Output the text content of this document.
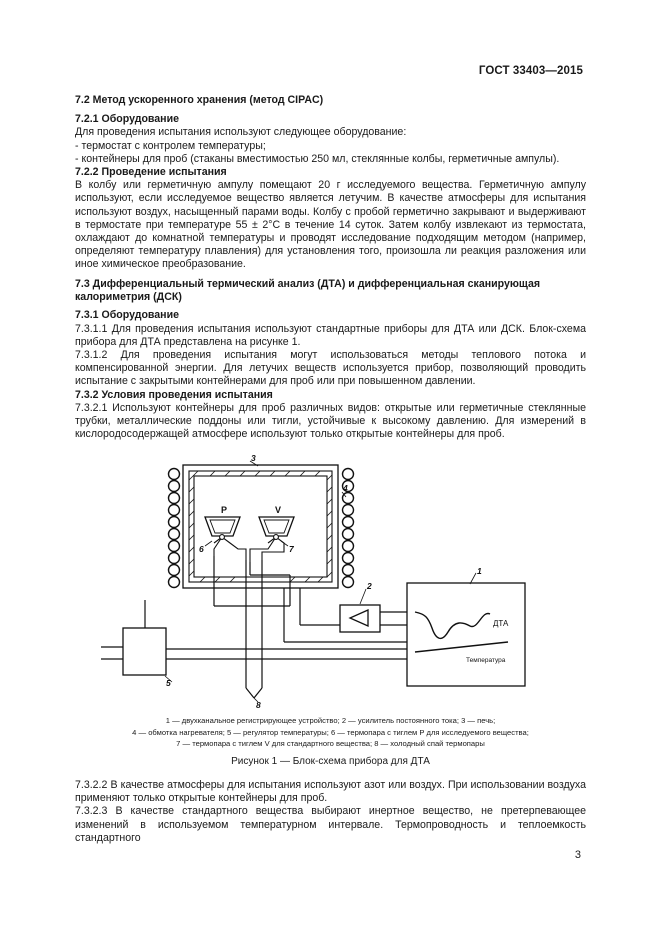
ГОСТ 33403—2015
7.2 Метод ускоренного хранения (метод CIPAC)
7.2.1 Оборудование

Для проведения испытания используют следующее оборудование:

- термостат с контролем температуры;

- контейнеры для проб (стаканы вместимостью 250 мл, стеклянные колбы, герметичные ампулы).

7.2.2 Проведение испытания

В колбу или герметичную ампулу помещают 20 г исследуемого вещества. Герметичную ампулу используют, если исследуемое вещество является летучим. В качестве атмосферы для испытания используют воздух, насыщенный парами воды. Колбу с пробой герметично закрывают и выдерживают в термостате при температуре 55 ± 2°С в течение 14 суток. Затем колбу извлекают из термостата, охлаждают до комнатной температуры и проводят исследование подходящим методом (например, определяют температуру плавления) для установления того, произошла ли реакция разложения или иное химическое преобразование.

7.3 Дифференциальный термический анализ (ДТА) и дифференциальная сканирующая
калориметрия (ДСК)
7.3.1 Оборудование

7.3.1.1 Для проведения испытания используют стандартные приборы для ДТА или ДСК. Блок-схема прибора для ДТА представлена на рисунке 1.

7.3.1.2 Для проведения испытания могут использоваться методы теплового потока и компенсированной энергии. Для летучих веществ используется прибор, позволяющий проводить испытание с закрытыми контейнерами для проб или при повышенном давлении.

7.3.2 Условия проведения испытания

7.3.2.1 Используют контейнеры для проб различных видов: открытые или герметичные стеклянные трубки, металлические поддоны или тигли, устойчивые к высокому давлению. Для измерений в кислородосодержащей атмосфере используют только открытые контейнеры для проб.

3
4
2
1
5
6	7
8
P	V
ДТА
Температура
1 — двухканальное регистрирующее устройство; 2 — усилитель постоянного тока; 3 — печь;
4 — обмотка нагревателя; 5 — регулятор температуры; 6 — термопара с тиглем Р для исследуемого вещества;
7 — термопара с тиглем V для стандартного вещества; 8 — холодный спай термопары
Рисунок 1 — Блок-схема прибора для ДТА

7.3.2.2 В качестве атмосферы для испытания используют азот или воздух. При использовании воздуха применяют только открытые контейнеры для проб.

7.3.2.3 В качестве стандартного вещества выбирают инертное вещество, не претерпевающее изменений в используемом температурном интервале. Термопроводность и теплоемкость стандартного

3
